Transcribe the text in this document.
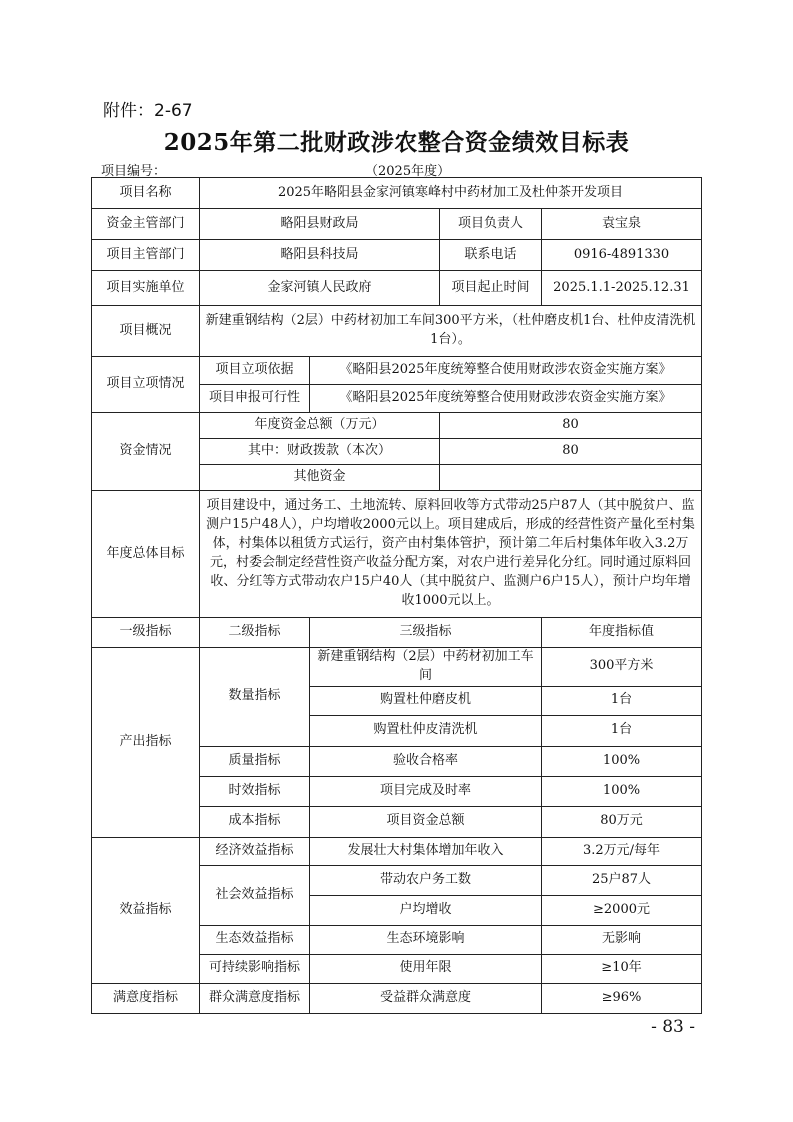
附件：2-67
2025年第二批财政涉农整合资金绩效目标表
项目编号：	（2025年度）
项目名称	2025年略阳县金家河镇寒峰村中药材加工及杜仲茶开发项目			
资金主管部门	略阳县财政局		项目负责人	袁宝泉
项目主管部门	略阳县科技局		联系电话	0916-4891330
项目实施单位	金家河镇人民政府		项目起止时间	2025.1.1-2025.12.31
项目概况	新建重钢结构（2层）中药材初加工车间300平方米，（杜仲磨皮机1台、杜仲皮清洗机1台）。			
项目立项情况	项目立项依据	《略阳县2025年度统筹整合使用财政涉农资金实施方案》		
	项目申报可行性	《略阳县2025年度统筹整合使用财政涉农资金实施方案》		
资金情况	年度资金总额（万元）		80	
	其中：财政拨款（本次）		80	
	其他资金			
年度总体目标	项目建设中，通过务工、土地流转、原料回收等方式带动25户87人（其中脱贫户、监测户15户48人），户均增收2000元以上。项目建成后，形成的经营性资产量化至村集体，村集体以租赁方式运行，资产由村集体管护，预计第二年后村集体年收入3.2万元，村委会制定经营性资产收益分配方案，对农户进行差异化分红。同时通过原料回收、分红等方式带动农户15户40人（其中脱贫户、监测户6户15人），预计户均年增收1000元以上。			
一级指标	二级指标	三级指标		年度指标值
产出指标	数量指标	新建重钢结构（2层）中药材初加工车间		300平方米
		购置杜仲磨皮机		1台
		购置杜仲皮清洗机		1台
	质量指标	验收合格率		100%
	时效指标	项目完成及时率		100%
	成本指标	项目资金总额		80万元
效益指标	经济效益指标	发展壮大村集体增加年收入		3.2万元/每年
	社会效益指标	带动农户务工数		25户87人
		户均增收		≥2000元
	生态效益指标	生态环境影响		无影响
	可持续影响指标	使用年限		≥10年
满意度指标	群众满意度指标	受益群众满意度		≥96%
- 83 -
